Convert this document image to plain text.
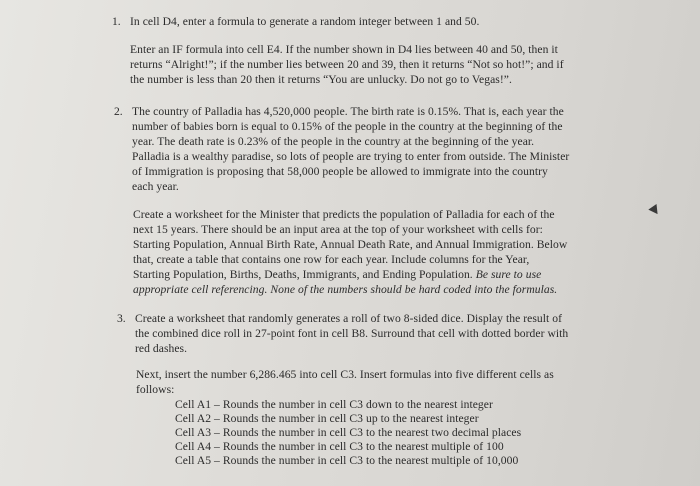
1. In cell D4, enter a formula to generate a random integer between 1 and 50.
Enter an IF formula into cell E4. If the number shown in D4 lies between 40 and 50, then it
returns “Alright!”; if the number lies between 20 and 39, then it returns “Not so hot!”; and if
the number is less than 20 then it returns “You are unlucky. Do not go to Vegas!”.
2. The country of Palladia has 4,520,000 people. The birth rate is 0.15%. That is, each year the
number of babies born is equal to 0.15% of the people in the country at the beginning of the
year. The death rate is 0.23% of the people in the country at the beginning of the year.
Palladia is a wealthy paradise, so lots of people are trying to enter from outside. The Minister
of Immigration is proposing that 58,000 people be allowed to immigrate into the country
each year.
Create a worksheet for the Minister that predicts the population of Palladia for each of the
next 15 years. There should be an input area at the top of your worksheet with cells for:
Starting Population, Annual Birth Rate, Annual Death Rate, and Annual Immigration. Below
that, create a table that contains one row for each year. Include columns for the Year,
Starting Population, Births, Deaths, Immigrants, and Ending Population. Be sure to use
appropriate cell referencing. None of the numbers should be hard coded into the formulas.
3. Create a worksheet that randomly generates a roll of two 8-sided dice. Display the result of
the combined dice roll in 27-point font in cell B8. Surround that cell with dotted border with
red dashes.
Next, insert the number 6,286.465 into cell C3. Insert formulas into five different cells as
follows:
Cell A1 – Rounds the number in cell C3 down to the nearest integer
Cell A2 – Rounds the number in cell C3 up to the nearest integer
Cell A3 – Rounds the number in cell C3 to the nearest two decimal places
Cell A4 – Rounds the number in cell C3 to the nearest multiple of 100
Cell A5 – Rounds the number in cell C3 to the nearest multiple of 10,000
